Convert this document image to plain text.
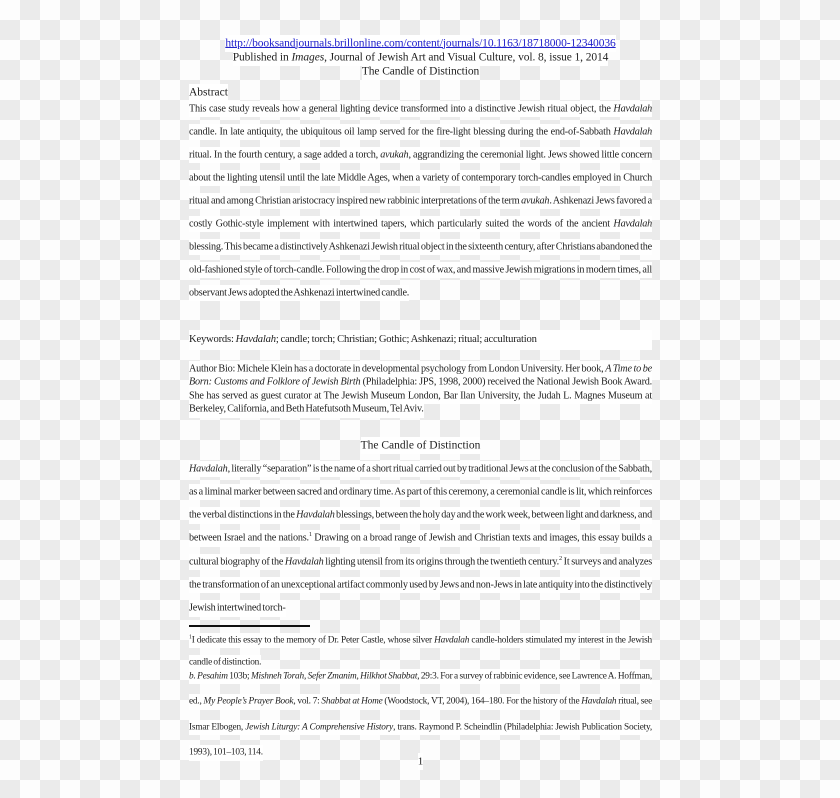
http://booksandjournals.brillonline.com/content/journals/10.1163/18718000-12340036
Published in Images, Journal of Jewish Art and Visual Culture, vol. 8, issue 1, 2014
The Candle of Distinction
Abstract

This case study reveals how a general lighting device transformed into a distinctive Jewish ritual object, the Havdalah candle. In late antiquity, the ubiquitous oil lamp served for the fire-light blessing during the end-of-Sabbath Havdalah ritual. In the fourth century, a sage added a torch, avukah, aggrandizing the ceremonial light. Jews showed little concern about the lighting utensil until the late Middle Ages, when a variety of contemporary torch-candles employed in Church ritual and among Christian aristocracy inspired new rabbinic interpretations of the term avukah. Ashkenazi Jews favored a costly Gothic-style implement with intertwined tapers, which particularly suited the words of the ancient Havdalah blessing. This became a distinctively Ashkenazi Jewish ritual object in the sixteenth century, after Christians abandoned the old-fashioned style of torch-candle. Following the drop in cost of wax, and massive Jewish migrations in modern times, all observant Jews adopted the Ashkenazi intertwined candle.

Keywords: Havdalah; candle; torch; Christian; Gothic; Ashkenazi; ritual; acculturation

Author Bio: Michele Klein has a doctorate in developmental psychology from London University. Her book, A Time to be Born: Customs and Folklore of Jewish Birth (Philadelphia: JPS, 1998, 2000) received the National Jewish Book Award. She has served as guest curator at The Jewish Museum London, Bar Ilan University, the Judah L. Magnes Museum at Berkeley, California, and Beth Hatefutsoth Museum, Tel Aviv.

The Candle of Distinction

Havdalah, literally “separation” is the name of a short ritual carried out by traditional Jews at the conclusion of the Sabbath, as a liminal marker between sacred and ordinary time. As part of this ceremony, a ceremonial candle is lit, which reinforces the verbal distinctions in the Havdalah blessings, between the holy day and the work week, between light and darkness, and between Israel and the nations.$^1$ Drawing on a broad range of Jewish and Christian texts and images, this essay builds a cultural biography of the Havdalah lighting utensil from its origins through the twentieth century.$^2$ It surveys and analyzes the transformation of an unexceptional artifact commonly used by Jews and non-Jews in late antiquity into the distinctively Jewish intertwined torch-

$^1$I dedicate this essay to the memory of Dr. Peter Castle, whose silver Havdalah candle-holders stimulated my interest in the Jewish candle of distinction.

b. Pesahim 103b; Mishneh Torah, Sefer Zmanim, Hilkhot Shabbat, 29:3. For a survey of rabbinic evidence, see Lawrence A. Hoffman, ed., My People’s Prayer Book, vol. 7: Shabbat at Home (Woodstock, VT, 2004), 164–180. For the history of the Havdalah ritual, see Ismar Elbogen, Jewish Liturgy: A Comprehensive History, trans. Raymond P. Scheindlin (Philadelphia: Jewish Publication Society, 1993), 101–103, 114.

1
